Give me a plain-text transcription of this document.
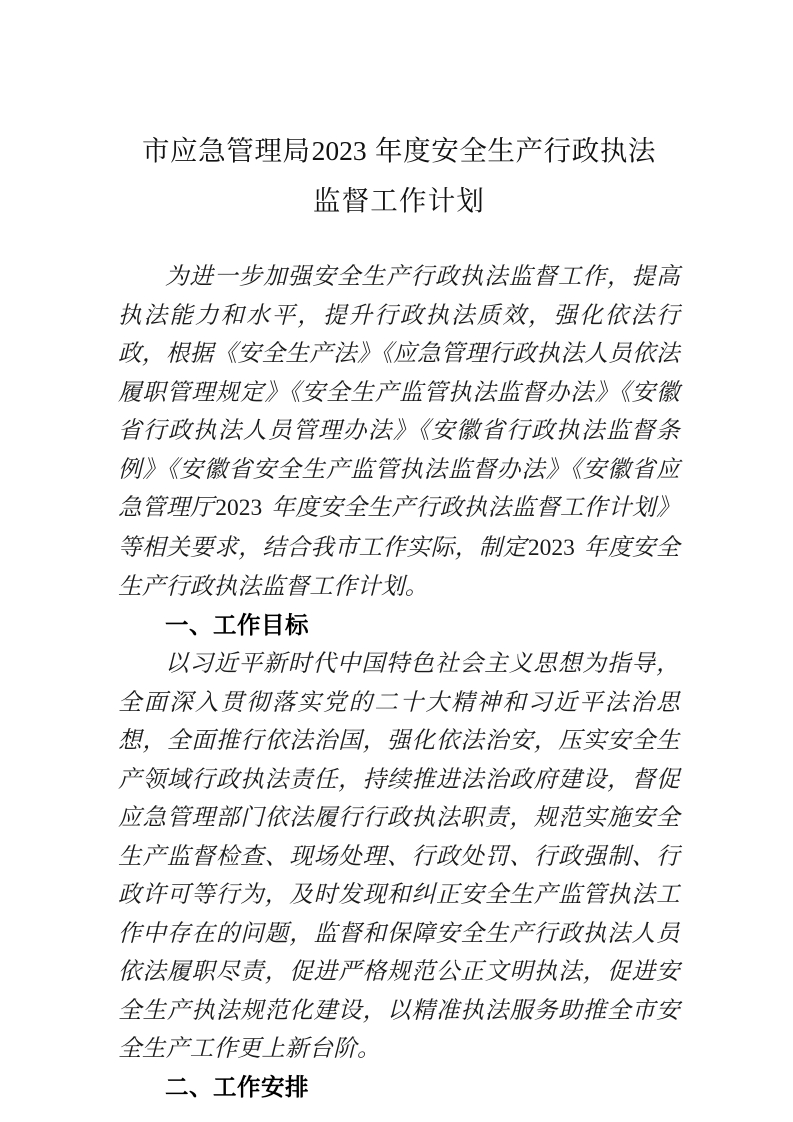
市应急管理局2023 年度安全生产行政执法
监督工作计划

为进一步加强安全生产行政执法监督工作，提高执法能力和水平，提升行政执法质效，强化依法行政，根据《安全生产法》《应急管理行政执法人员依法履职管理规定》《安全生产监管执法监督办法》《安徽省行政执法人员管理办法》《安徽省行政执法监督条例》《安徽省安全生产监管执法监督办法》《安徽省应急管理厅2023 年度安全生产行政执法监督工作计划》等相关要求，结合我市工作实际，制定2023 年度安全生产行政执法监督工作计划。

一、工作目标

以习近平新时代中国特色社会主义思想为指导，全面深入贯彻落实党的二十大精神和习近平法治思想，全面推行依法治国，强化依法治安，压实安全生产领域行政执法责任，持续推进法治政府建设，督促应急管理部门依法履行行政执法职责，规范实施安全生产监督检查、现场处理、行政处罚、行政强制、行政许可等行为，及时发现和纠正安全生产监管执法工作中存在的问题，监督和保障安全生产行政执法人员依法履职尽责，促进严格规范公正文明执法，促进安全生产执法规范化建设，以精准执法服务助推全市安全生产工作更上新台阶。

二、工作安排
